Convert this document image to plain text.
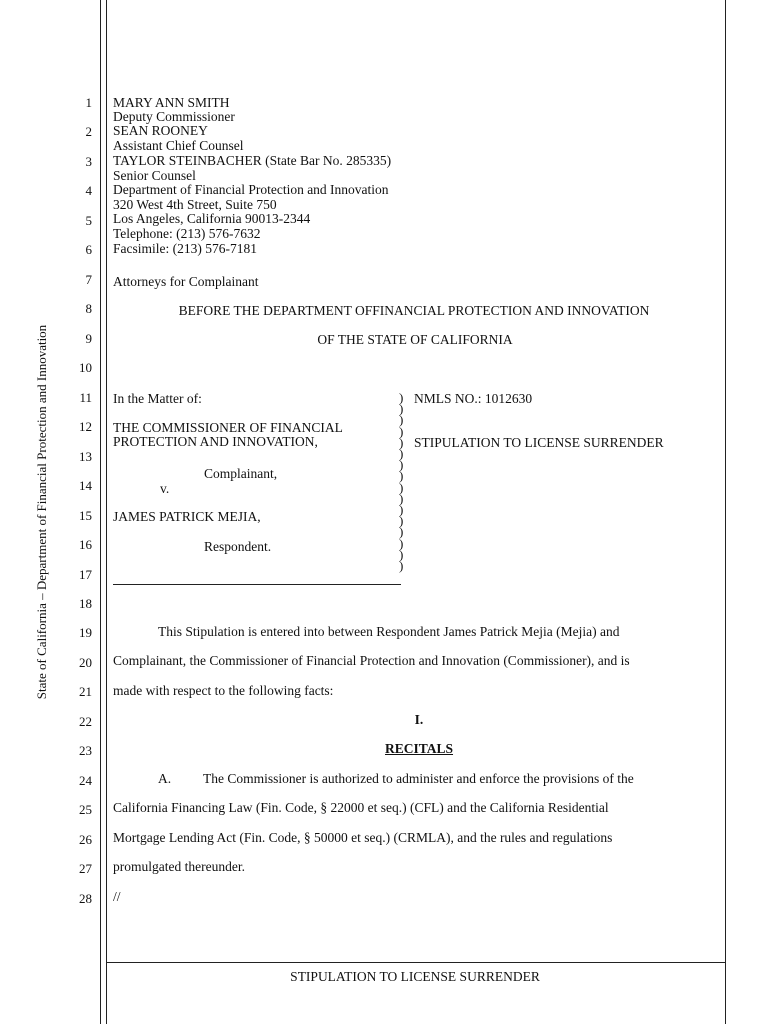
State of California – Department of Financial Protection and Innovation
1
2
3
4
5
6
7
8
9
10
11
12
13
14
15
16
17
18
19
20
21
22
23
24
25
26
27
28
MARY ANN SMITH
Deputy Commissioner
SEAN ROONEY
Assistant Chief Counsel
TAYLOR STEINBACHER (State Bar No. 285335)
Senior Counsel
Department of Financial Protection and Innovation
320 West 4th Street, Suite 750
Los Angeles, California 90013-2344
Telephone: (213) 576-7632
Facsimile: (213) 576-7181
Attorneys for Complainant
BEFORE THE DEPARTMENT OFFINANCIAL PROTECTION AND INNOVATION
OF THE STATE OF CALIFORNIA
In the Matter of:
THE COMMISSIONER OF FINANCIAL
PROTECTION AND INNOVATION,
Complainant,
v.
JAMES PATRICK MEJIA,
Respondent.
)
)
)
)
)
)
)
)
)
)
)
)
)
)
)
)
NMLS NO.: 1012630
STIPULATION TO LICENSE SURRENDER
This Stipulation is entered into between Respondent James Patrick Mejia (Mejia) and
Complainant, the Commissioner of Financial Protection and Innovation (Commissioner), and is
made with respect to the following facts:
I.
RECITALS
A. The Commissioner is authorized to administer and enforce the provisions of the
California Financing Law (Fin. Code, § 22000 et seq.) (CFL) and the California Residential
Mortgage Lending Act (Fin. Code, § 50000 et seq.) (CRMLA), and the rules and regulations
promulgated thereunder.
//
STIPULATION TO LICENSE SURRENDER
